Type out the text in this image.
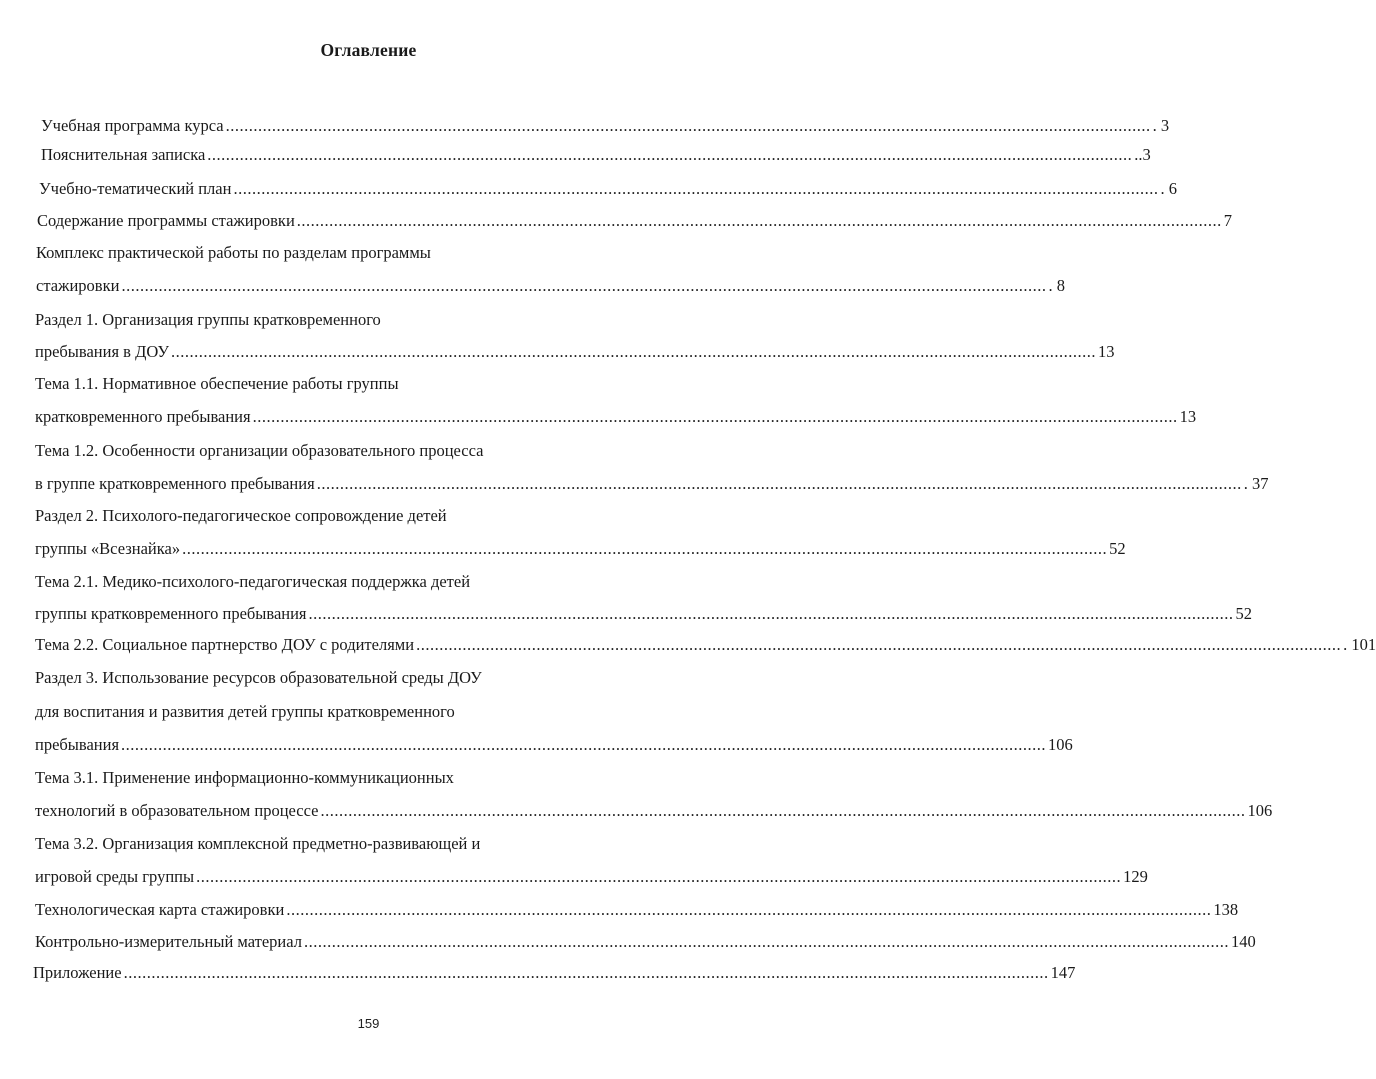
Оглавление
Учебная программа курса ........................................................................................................................................................................................................ . 3
Пояснительная записка ........................................................................................................................................................................................................ ..3
Учебно-тематический план ........................................................................................................................................................................................................ . 6
Содержание программы стажировки ........................................................................................................................................................................................................ 7
Комплекс практической работы по разделам программы
стажировки ........................................................................................................................................................................................................ . 8
Раздел 1. Организация группы кратковременного
пребывания в ДОУ ........................................................................................................................................................................................................ 13
Тема 1.1. Нормативное обеспечение работы группы
кратковременного пребывания ........................................................................................................................................................................................................ 13
Тема 1.2. Особенности организации образовательного процесса
в группе кратковременного пребывания ........................................................................................................................................................................................................ . 37
Раздел 2. Психолого-педагогическое сопровождение детей
группы «Всезнайка» ........................................................................................................................................................................................................ 52
Тема 2.1. Медико-психолого-педагогическая поддержка детей
группы кратковременного пребывания ........................................................................................................................................................................................................ 52
Тема 2.2. Социальное партнерство ДОУ с родителями ........................................................................................................................................................................................................ . 101
Раздел 3. Использование ресурсов образовательной среды ДОУ
для воспитания и развития детей группы кратковременного
пребывания ........................................................................................................................................................................................................ 106
Тема 3.1. Применение информационно-коммуникационных
технологий в образовательном процессе ........................................................................................................................................................................................................ 106
Тема 3.2. Организация комплексной предметно-развивающей и
игровой среды группы ........................................................................................................................................................................................................ 129
Технологическая карта стажировки ........................................................................................................................................................................................................ 138
Контрольно-измерительный материал ........................................................................................................................................................................................................ 140
Приложение ........................................................................................................................................................................................................ 147
159
